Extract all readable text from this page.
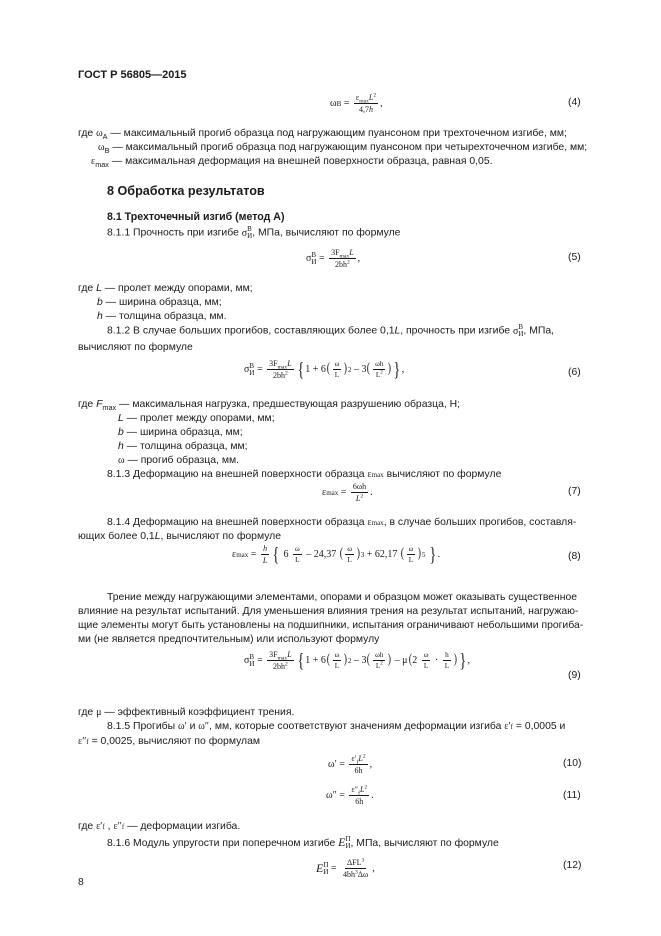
ГОСТ Р 56805—2015
ω $В = \frac{\varepsilon_{max}L^2}{4,7h}$ ,	(4)
где $\omega_А$ — максимальный прогиб образца под нагружающим пуансоном при трехточечном изгибе, мм;
$\omega_В$ — максимальный прогиб образца под нагружающим пуансоном при четырехточечном изгибе, мм;
$\varepsilon_{max}$ — максимальная деформация на внешней поверхности образца, равная 0,05.
8 Обработка результатов
8.1 Трехточечный изгиб (метод А)
8.1.1 Прочность при изгибе σ В
И , МПа, вычисляют по формуле
σ В
$И = \frac{3F_{max}L}{2bh^2}$ ,	(5)
где L — пролет между опорами, мм;
b — ширина образца, мм;
h — толщина образца, мм.
8.1.2 В случае больших прогибов, составляющих более 0,1L, прочность при изгибе σ В
И , МПа,
вычисляют по формуле
σ В
$И = \frac{3F_{max}L}{2bh^2}$ { 1 + 6 ( $\frac{\omega}{L}$ ) 2 – 3 ( $\frac{\omega h}{L^2}$ ) } ,	(6)
где $F_{max}$ — максимальная нагрузка, предшествующая разрушению образца, Н;
L — пролет между опорами, мм;
b — ширина образца, мм;
h — толщина образца, мм;
ω — прогиб образца, мм.
8.1.3 Деформацию на внешней поверхности образца ε max вычисляют по формуле
ε $\max = \frac{6\omega h}{L^2}$ .	(7)
8.1.4 Деформацию на внешней поверхности образца ε max , в случае больших прогибов, составля-
ющих более 0,1L, вычисляют по формуле
ε $\max = \frac{h}{L}$ {
6
$\frac{\omega}{L}$
– 24,37
( $\frac{\omega}{L}$ ) 3
+ 62,17
( $\frac{\omega}{L}$ ) 5
} .	(8)
Трение между нагружающими элементами, опорами и образцом может оказывать существенное
влияние на результат испытаний. Для уменьшения влияния трения на результат испытаний, нагружаю-
щие элементы могут быть установлены на подшипники, испытания ограничивают небольшими прогиба-
ми (не является предпочтительным) или используют формулу
σ В
$И = \frac{3F_{max}L}{2bh^2}$ { 1 + 6 ( $\frac{\omega}{L}$ ) 2 – 3 ( $\frac{\omega h}{L^2}$ ) – μ ( 2
$\frac{\omega}{L} \cdot \frac{h}{L}$ ) } ,
(9)
где μ — эффективный коэффициент трения.
8.1.5 Прогибы ω′ и ω″, мм, которые соответствуют значениям деформации изгиба ε′ f = 0,0005 и
ε″ f = 0,0025, вычисляют по формулам
$\omega' = \frac{\varepsilon'_fL^2}{6h}$ ,	(10)
$\omega'' = \frac{\varepsilon''_fL^2}{6h}$ .	(11)
где ε′ f , ε″ f — деформации изгиба.
8.1.6 Модуль упругости при поперечном изгибе E П
И , МПа, вычисляют по формуле
E П
$И = \frac{\Delta FL^3}{4bh^3\Delta\omega}$ ,	(12)
8
